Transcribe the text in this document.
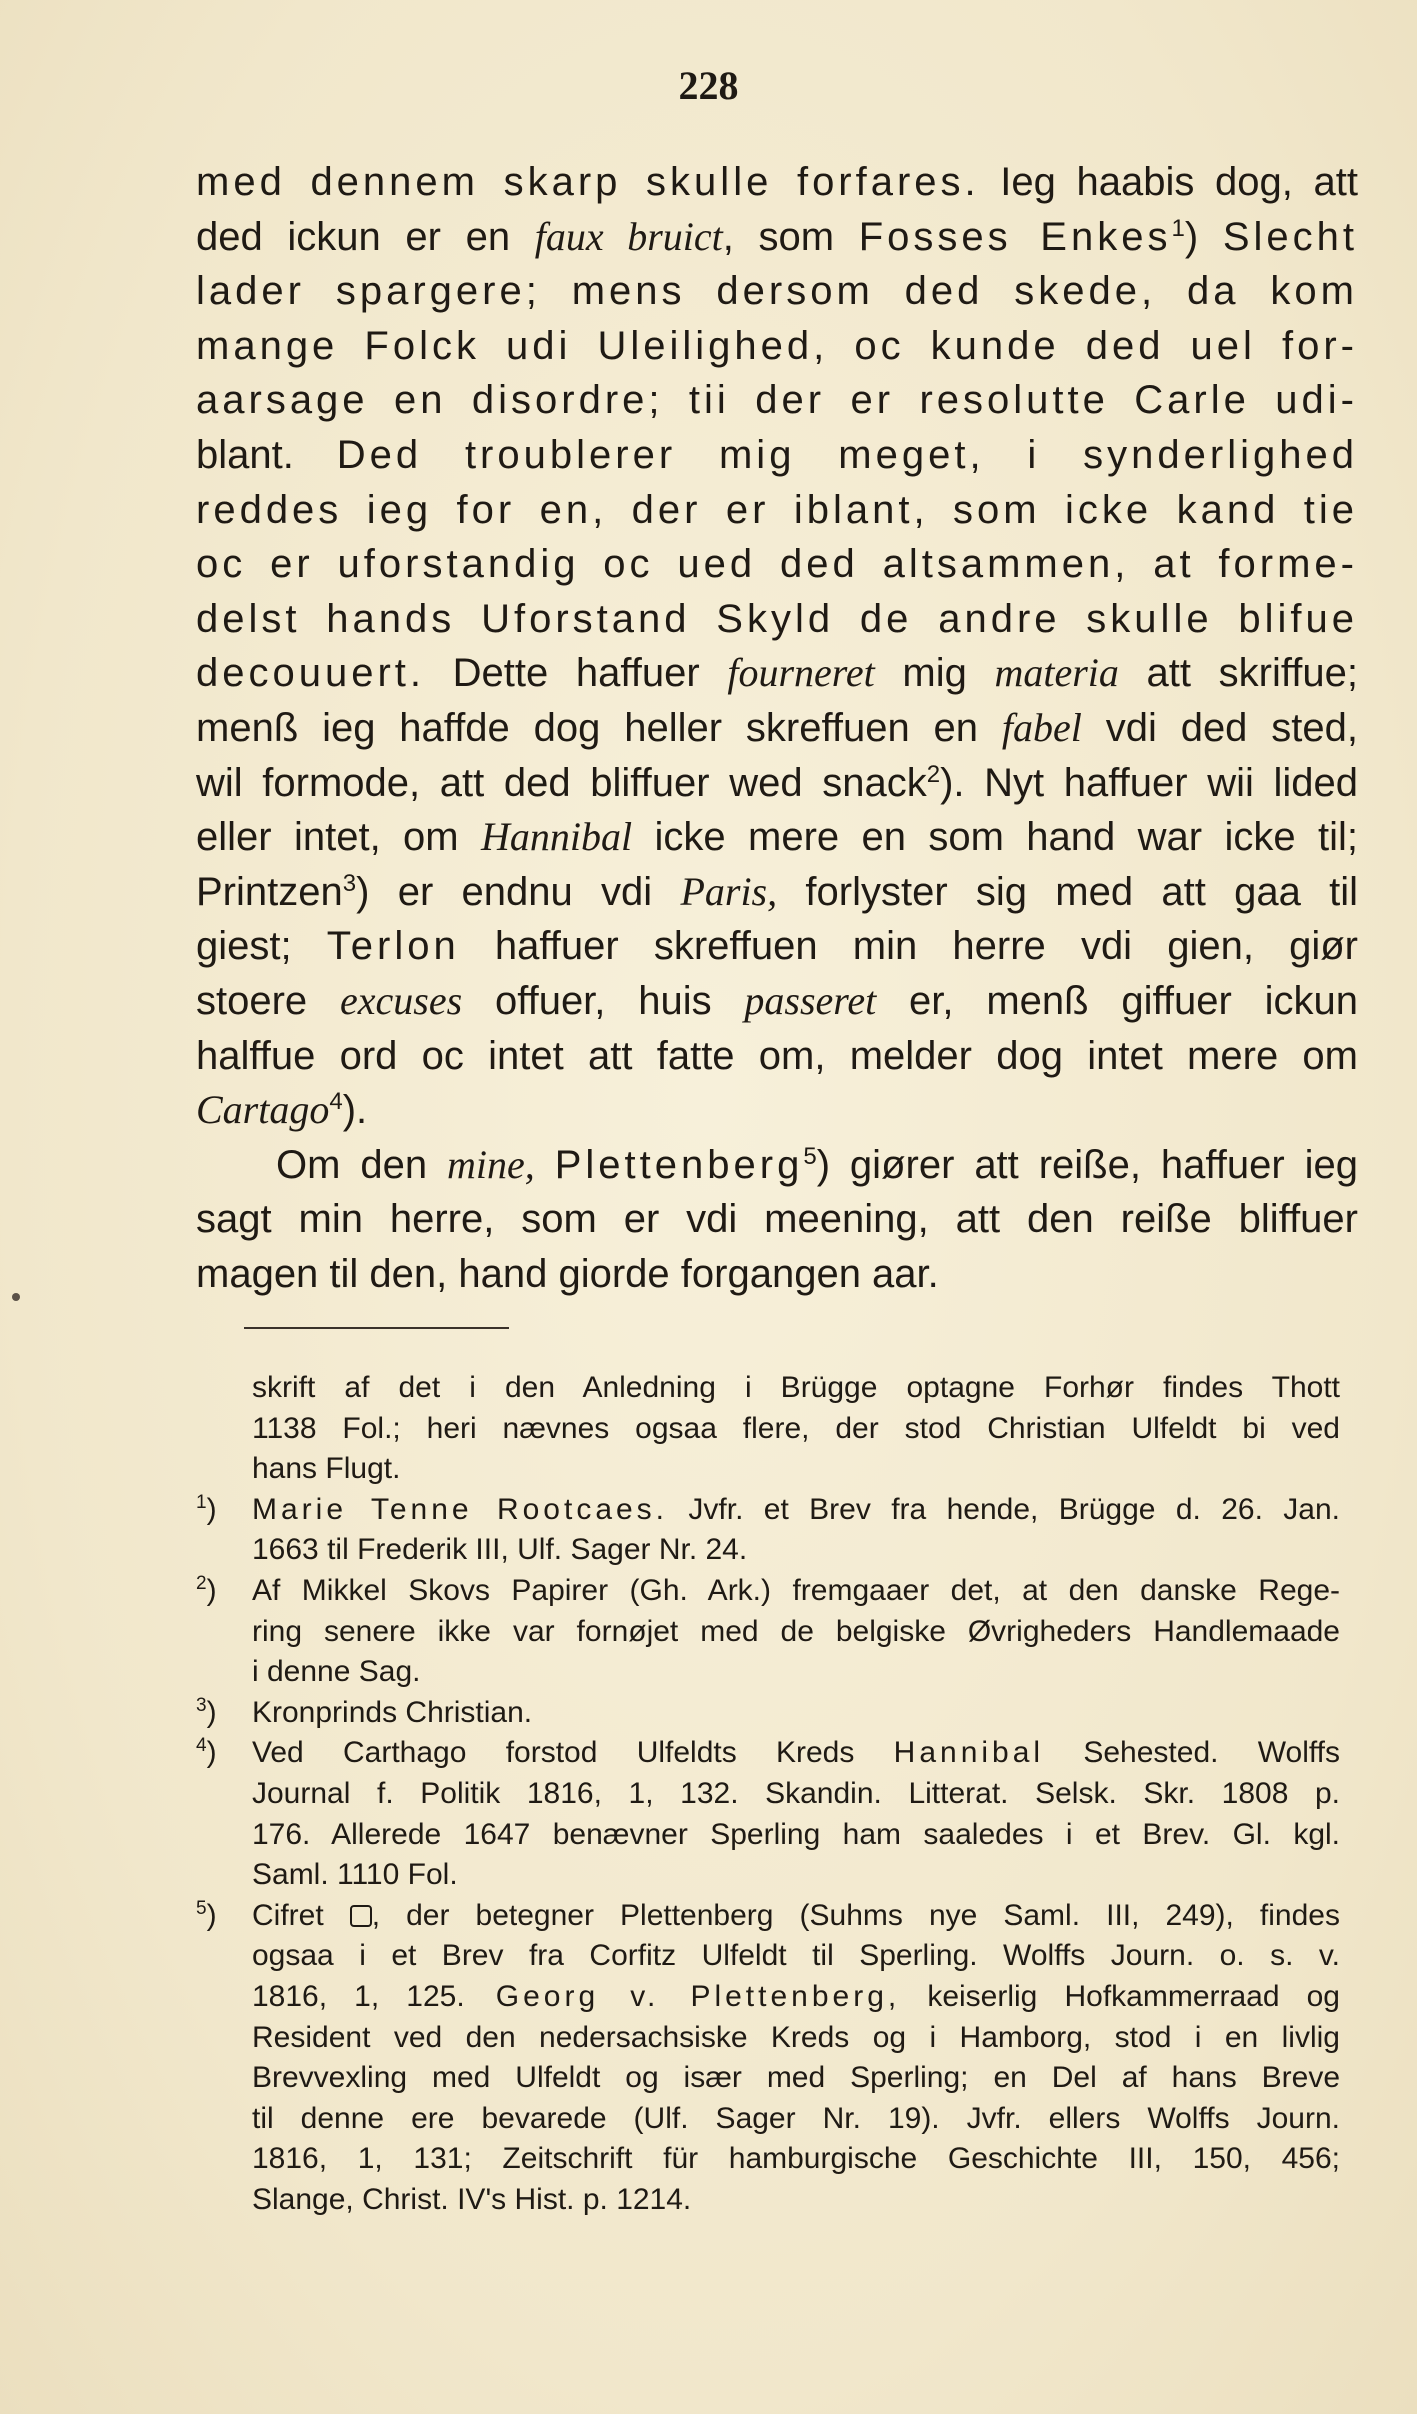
228
med dennem skarp skulle forfares. Ieg haabis dog, att
ded ickun er en faux bruict, som Fosses Enkes$^1$) Slecht
lader spargere; mens dersom ded skede, da kom
mange Folck udi Uleilighed, oc kunde ded uel for-
aarsage en disordre; tii der er resolutte Carle udi-
blant. Ded troublerer mig meget, i synderlighed
reddes ieg for en, der er iblant, som icke kand tie
oc er uforstandig oc ued ded altsammen, at forme-
delst hands Uforstand Skyld de andre skulle blifue
decouuert. Dette haffuer fourneret mig materia att skriffue;
menß ieg haffde dog heller skreffuen en fabel vdi ded sted,
wil formode, att ded bliffuer wed snack$^2$). Nyt haffuer wii lided
eller intet, om Hannibal icke mere en som hand war icke til;
Printzen$^3$) er endnu vdi Paris, forlyster sig med att gaa til
giest; Terlon haffuer skreffuen min herre vdi gien, giør
stoere excuses offuer, huis passeret er, menß giffuer ickun
halffue ord oc intet att fatte om, melder dog intet mere om
Cartago$^4$).
Om den mine, Plettenberg$^5$) giører att reiße, haffuer ieg
sagt min herre, som er vdi meening, att den reiße bliffuer
magen til den, hand giorde forgangen aar.
skrift af det i den Anledning i Brügge optagne Forhør findes Thott
1138 Fol.; heri nævnes ogsaa flere, der stod Christian Ulfeldt bi ved
hans Flugt.
$^1$) Marie Tenne Rootcaes. Jvfr. et Brev fra hende, Brügge d. 26. Jan.
1663 til Frederik III, Ulf. Sager Nr. 24.
$^2$) Af Mikkel Skovs Papirer (Gh. Ark.) fremgaaer det, at den danske Rege-
ring senere ikke var fornøjet med de belgiske Øvrigheders Handlemaade
i denne Sag.
$^3$) Kronprinds Christian.
$^4$) Ved Carthago forstod Ulfeldts Kreds Hannibal Sehested. Wolffs
Journal f. Politik 1816, 1, 132. Skandin. Litterat. Selsk. Skr. 1808 p.
176. Allerede 1647 benævner Sperling ham saaledes i et Brev. Gl. kgl.
Saml. 1110 Fol.
$^5$) Cifret , der betegner Plettenberg (Suhms nye Saml. III, 249), findes
ogsaa i et Brev fra Corfitz Ulfeldt til Sperling. Wolffs Journ. o. s. v.
1816, 1, 125. Georg v. Plettenberg, keiserlig Hofkammerraad og
Resident ved den nedersachsiske Kreds og i Hamborg, stod i en livlig
Brevvexling med Ulfeldt og især med Sperling; en Del af hans Breve
til denne ere bevarede (Ulf. Sager Nr. 19). Jvfr. ellers Wolffs Journ.
1816, 1, 131; Zeitschrift für hamburgische Geschichte III, 150, 456;
Slange, Christ. IV's Hist. p. 1214.
